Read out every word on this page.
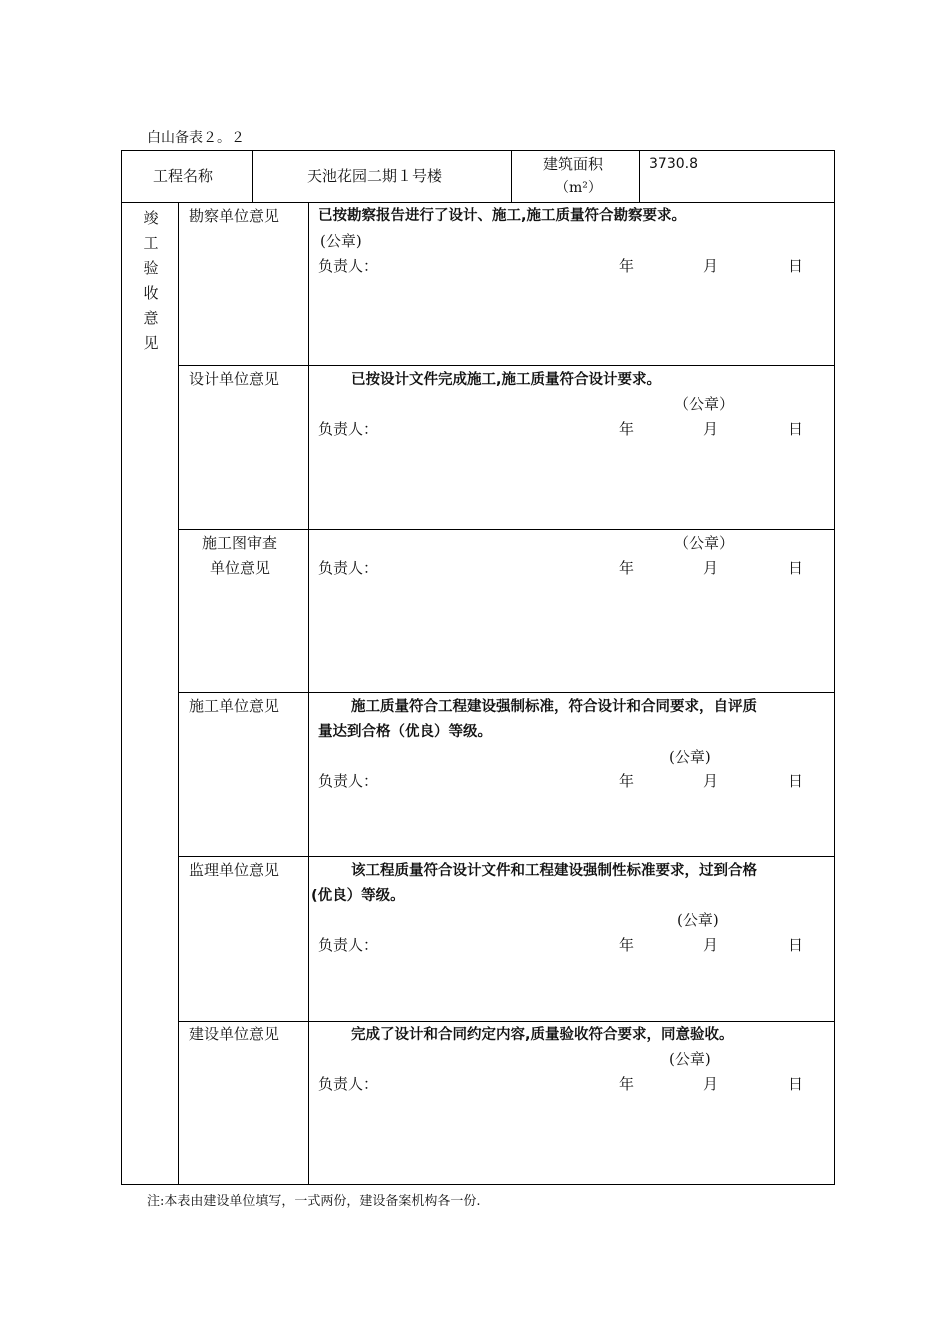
白山备表２。２
工程名称	天池花园二期１号楼
建筑面积
（m²）
3730.8
竣
工
验
收
意
见
勘察单位意见	已按勘察报告进行了设计、施工,施工质量符合勘察要求。
(公章)
负责人：	年	月	日
设计单位意见	已按设计文件完成施工,施工质量符合设计要求。
（公章）
负责人：	年	月	日
施工图审查
单位意见
（公章）
负责人：	年	月	日
施工单位意见	施工质量符合工程建设强制标准，符合设计和合同要求，自评质
量达到合格（优良）等级。
(公章)
负责人：	年	月	日
监理单位意见	该工程质量符合设计文件和工程建设强制性标准要求，过到合格
(优良）等级。
(公章)
负责人：	年	月	日
建设单位意见	完成了设计和合同约定内容,质量验收符合要求，同意验收。
(公章)
负责人：	年	月	日
注:本表由建设单位填写，一式两份，建设备案机构各一份.
